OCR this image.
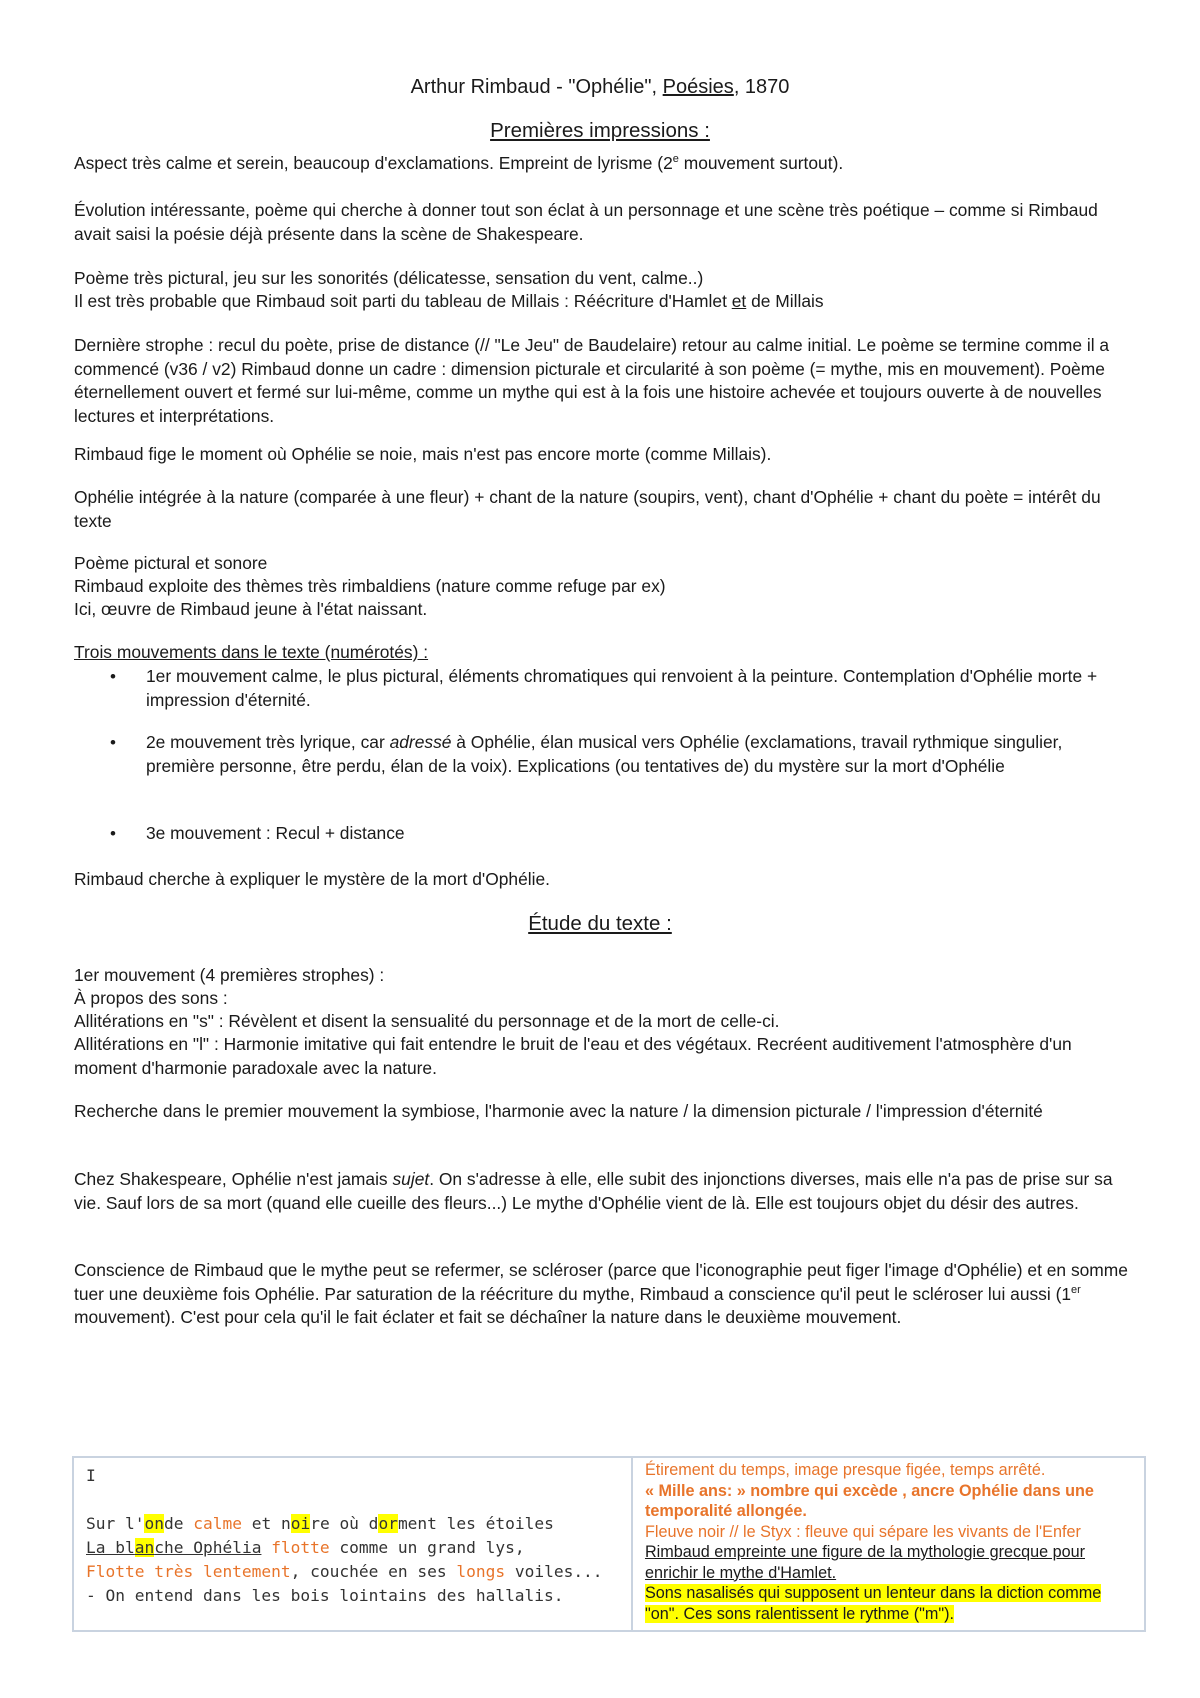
Arthur Rimbaud - "Ophélie", Poésies, 1870
Premières impressions :

Aspect très calme et serein, beaucoup d'exclamations. Empreint de lyrisme (2e mouvement surtout).

Évolution intéressante, poème qui cherche à donner tout son éclat à un personnage et une scène très poétique – comme si Rimbaud avait saisi la poésie déjà présente dans la scène de Shakespeare.

Poème très pictural, jeu sur les sonorités (délicatesse, sensation du vent, calme..)

Il est très probable que Rimbaud soit parti du tableau de Millais : Réécriture d'Hamlet et de Millais

Dernière strophe : recul du poète, prise de distance (// "Le Jeu" de Baudelaire) retour au calme initial. Le poème se termine comme il a commencé (v36 / v2) Rimbaud donne un cadre : dimension picturale et circularité à son poème (= mythe, mis en mouvement). Poème éternellement ouvert et fermé sur lui-même, comme un mythe qui est à la fois une histoire achevée et toujours ouverte à de nouvelles lectures et interprétations.

Rimbaud fige le moment où Ophélie se noie, mais n'est pas encore morte (comme Millais).

Ophélie intégrée à la nature (comparée à une fleur) + chant de la nature (soupirs, vent), chant d'Ophélie + chant du poète = intérêt du texte

Poème pictural et sonore

Rimbaud exploite des thèmes très rimbaldiens (nature comme refuge par ex)

Ici, œuvre de Rimbaud jeune à l'état naissant.

Trois mouvements dans le texte (numérotés) :

• 1er mouvement calme, le plus pictural, éléments chromatiques qui renvoient à la peinture. Contemplation d'Ophélie morte + impression d'éternité.
• 2e mouvement très lyrique, car adressé à Ophélie, élan musical vers Ophélie (exclamations, travail rythmique singulier, première personne, être perdu, élan de la voix). Explications (ou tentatives de) du mystère sur la mort d'Ophélie
• 3e mouvement : Recul + distance

Rimbaud cherche à expliquer le mystère de la mort d'Ophélie.

Étude du texte :

1er mouvement (4 premières strophes) :

À propos des sons :

Allitérations en "s" : Révèlent et disent la sensualité du personnage et de la mort de celle-ci.

Allitérations en "l" : Harmonie imitative qui fait entendre le bruit de l'eau et des végétaux. Recréent auditivement l'atmosphère d'un moment d'harmonie paradoxale avec la nature.

Recherche dans le premier mouvement la symbiose, l'harmonie avec la nature / la dimension picturale / l'impression d'éternité

Chez Shakespeare, Ophélie n'est jamais sujet. On s'adresse à elle, elle subit des injonctions diverses, mais elle n'a pas de prise sur sa vie. Sauf lors de sa mort (quand elle cueille des fleurs...) Le mythe d'Ophélie vient de là. Elle est toujours objet du désir des autres.

Conscience de Rimbaud que le mythe peut se refermer, se scléroser (parce que l'iconographie peut figer l'image d'Ophélie) et en somme tuer une deuxième fois Ophélie. Par saturation de la réécriture du mythe, Rimbaud a conscience qu'il peut le scléroser lui aussi (1er mouvement). C'est pour cela qu'il le fait éclater et fait se déchaîner la nature dans le deuxième mouvement.

I
Sur l'onde calme et noire où dorment les étoiles
La blanche Ophélia flotte comme un grand lys,
Flotte très lentement, couchée en ses longs voiles...
- On entend dans les bois lointains des hallalis.

Étirement du temps, image presque figée, temps arrêté.
« Mille ans: » nombre qui excède , ancre Ophélie dans une temporalité allongée.
Fleuve noir // le Styx : fleuve qui sépare les vivants de l'Enfer
Rimbaud empreinte une figure de la mythologie grecque pour enrichir le mythe d'Hamlet.
Sons nasalisés qui supposent un lenteur dans la diction comme "on". Ces sons ralentissent le rythme ("m").
